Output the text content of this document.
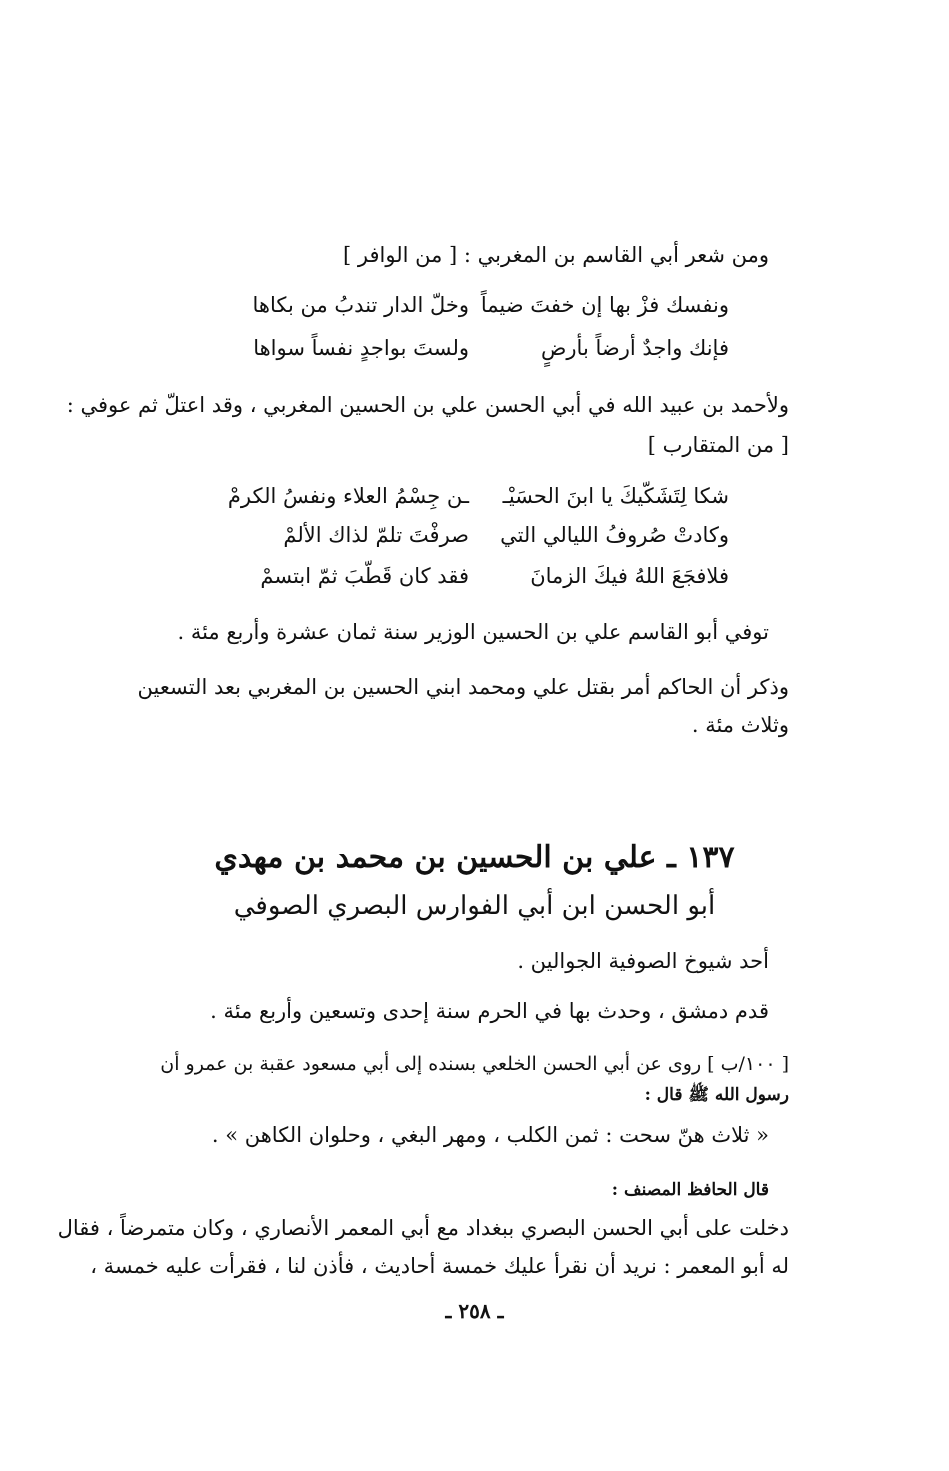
ومن شعر أبي القاسم بن المغربي : [ من الوافر ]
ونفسك فزْ بها إن خفتَ ضيماً
وخلّ الدار تندبُ من بكاها
فإنك واجدٌ أرضاً بأرضٍ
ولستَ بواجدٍ نفساً سواها
ولأحمد بن عبيد الله في أبي الحسن علي بن الحسين المغربي ، وقد اعتلّ ثم عوفي :
[ من المتقارب ]
شكا لِتَشَكّيكَ يا ابنَ الحسَيْـ
ـن جِسْمُ العلاء ونفسُ الكرمْ
وكادتْ صُروفُ الليالي التي
صرفْتَ تلمّ لذاك الألمْ
فلافجَعَ اللهُ فيكَ الزمانَ
فقد كان قَطّبَ ثمّ ابتسمْ
توفي أبو القاسم علي بن الحسين الوزير سنة ثمان عشرة وأربع مئة .
وذكر أن الحاكم أمر بقتل علي ومحمد ابني الحسين بن المغربي بعد التسعين
وثلاث مئة .
١٣٧ ـ علي بن الحسين بن محمد بن مهدي
أبو الحسن ابن أبي الفوارس البصري الصوفي
أحد شيوخ الصوفية الجوالين .
قدم دمشق ، وحدث بها في الحرم سنة إحدى وتسعين وأربع مئة .
[ ١٠٠/ب ] روى عن أبي الحسن الخلعي بسنده إلى أبي مسعود عقبة بن عمرو أن
رسول الله ﷺ قال :
« ثلاث هنّ سحت : ثمن الكلب ، ومهر البغي ، وحلوان الكاهن » .
قال الحافظ المصنف :
دخلت على أبي الحسن البصري ببغداد مع أبي المعمر الأنصاري ، وكان متمرضاً ، فقال
له أبو المعمر : نريد أن نقرأ عليك خمسة أحاديث ، فأذن لنا ، فقرأت عليه خمسة ،
ـ ٢٥٨ ـ
